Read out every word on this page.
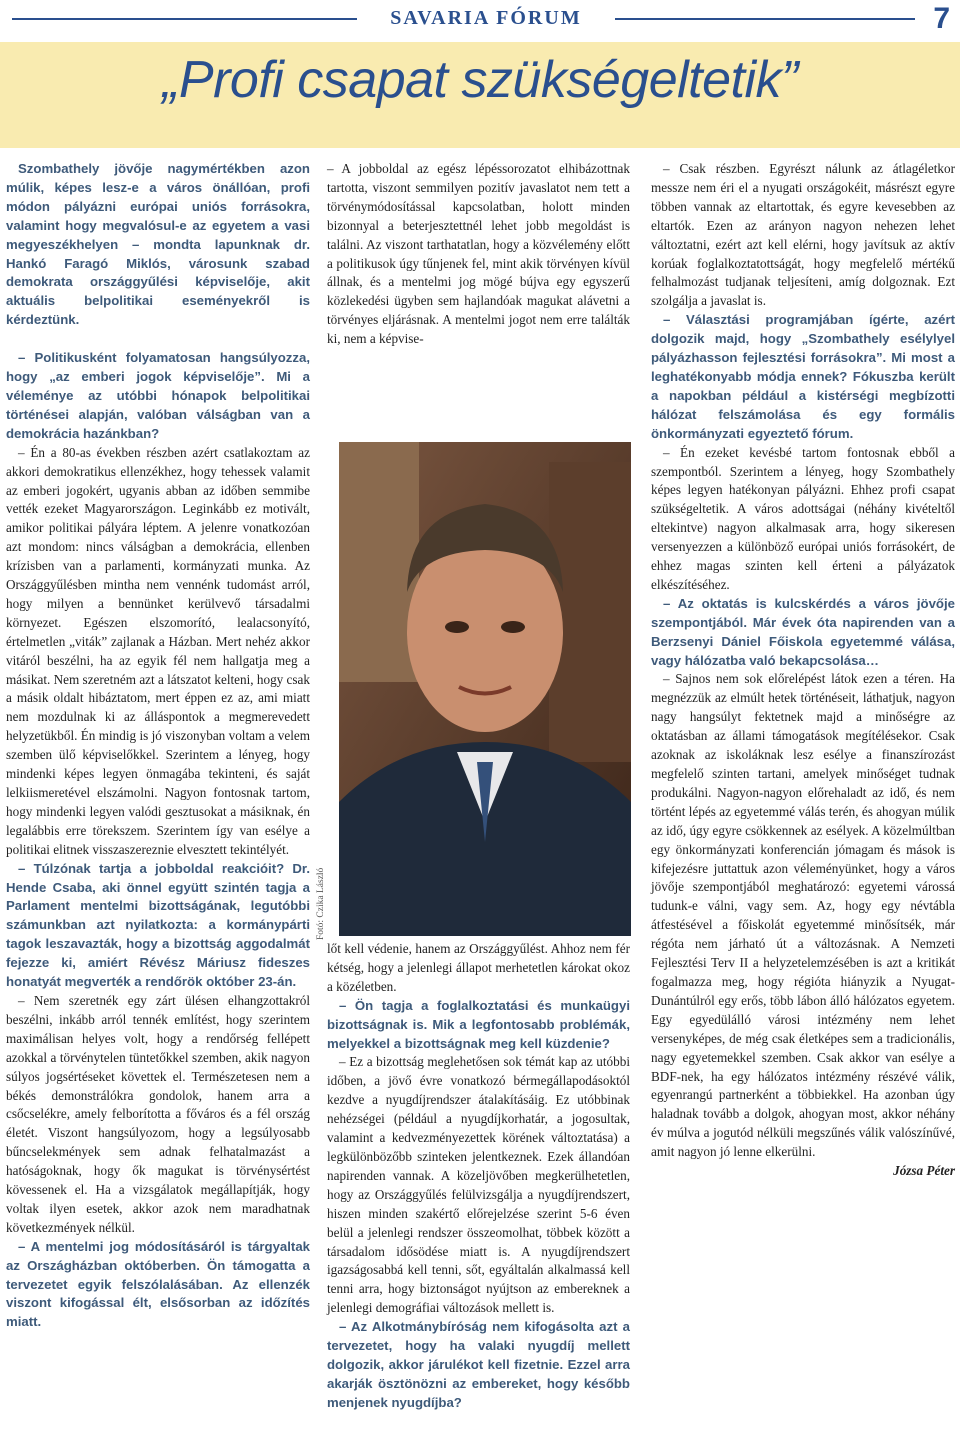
SAVARIA FÓRUM	7
„Profi csapat szükségeltetik”

Szombathely jövője nagymértékben azon múlik, képes lesz-e a város önállóan, profi módon pályázni európai uniós forrásokra, valamint hogy megvalósul-e az egyetem a vasi megyeszékhelyen – mondta lapunknak dr. Hankó Faragó Miklós, városunk szabad demokrata országgyűlési képviselője, akit aktuális belpolitikai eseményekről is kérdeztünk.

– Politikusként folyamatosan hangsúlyozza, hogy „az emberi jogok képviselője”. Mi a véleménye az utóbbi hónapok belpolitikai történései alapján, valóban válságban van a demokrácia hazánkban?

– Én a 80-as években részben azért csatlakoztam az akkori demokratikus ellenzékhez, hogy tehessek valamit az emberi jogokért, ugyanis abban az időben semmibe vették ezeket Magyarországon. Leginkább ez motivált, amikor politikai pályára léptem. A jelenre vonatkozóan azt mondom: nincs válságban a demokrácia, ellenben krízisben van a parlamenti, kormányzati munka. Az Országgyűlésben mintha nem vennénk tudomást arról, hogy milyen a bennünket kerülvevő társadalmi környezet. Egészen elszomorító, lealacsonyító, értelmetlen „viták” zajlanak a Házban. Mert nehéz akkor vitáról beszélni, ha az egyik fél nem hallgatja meg a másikat. Nem szeretném azt a látszatot kelteni, hogy csak a másik oldalt hibáztatom, mert éppen ez az, ami miatt nem mozdulnak ki az álláspontok a megmerevedett helyzetükből. Én mindig is jó viszonyban voltam a velem szemben ülő képviselőkkel. Szerintem a lényeg, hogy mindenki képes legyen önmagába tekinteni, és saját lelkiismeretével elszámolni. Nagyon fontosnak tartom, hogy mindenki legyen valódi gesztusokat a másiknak, én legalábbis erre törekszem. Szerintem így van esélye a politikai elitnek visszaszereznie elvesztett tekintélyét.

– Túlzónak tartja a jobboldal reakcióit? Dr. Hende Csaba, aki önnel együtt szintén tagja a Parlament mentelmi bizottságának, legutóbbi számunkban azt nyilatkozta: a kormánypárti tagok leszavazták, hogy a bizottság aggodalmát fejezze ki, amiért Révész Máriusz fideszes honatyát megverték a rendőrök október 23-án.

– Nem szeretnék egy zárt ülésen elhangzottakról beszélni, inkább arról tennék említést, hogy szerintem maximálisan helyes volt, hogy a rendőrség fellépett azokkal a törvénytelen tüntetőkkel szemben, akik nagyon súlyos jogsértéseket követtek el. Természetesen nem a békés demonstrálókra gondolok, hanem arra a csőcselékre, amely felborította a főváros és a fél ország életét. Viszont hangsúlyozom, hogy a legsúlyosabb bűncselekmények sem adnak felhatalmazást a hatóságoknak, hogy ők magukat is törvénysértést kövessenek el. Ha a vizsgálatok megállapítják, hogy voltak ilyen esetek, akkor azok nem maradhatnak következmények nélkül.

– A mentelmi jog módosításáról is tárgyaltak az Országházban októberben. Ön támogatta a tervezetet egyik felszólalásában. Az ellenzék viszont kifogással élt, elsősorban az időzítés miatt.

– A jobboldal az egész lépéssorozatot elhibázottnak tartotta, viszont semmilyen pozitív javaslatot nem tett a törvénymódosítással kapcsolatban, holott minden bizonnyal a beterjesztettnél lehet jobb megoldást is találni. Az viszont tarthatatlan, hogy a közvélemény előtt a politikusok úgy tűnjenek fel, mint akik törvényen kívül állnak, és a mentelmi jog mögé bújva egy egyszerű közlekedési ügyben sem hajlandóak magukat alávetni a törvényes eljárásnak. A mentelmi jogot nem erre találták ki, nem a képvise-

Fotó: Czika László

lőt kell védenie, hanem az Országgyűlést. Ahhoz nem fér kétség, hogy a jelenlegi állapot merhetetlen károkat okoz a közéletben.

– Ön tagja a foglalkoztatási és munkaügyi bizottságnak is. Mik a legfontosabb problémák, melyekkel a bizottságnak meg kell küzdenie?

– Ez a bizottság meglehetősen sok témát kap az utóbbi időben, a jövő évre vonatkozó bérmegállapodásoktól kezdve a nyugdíjrendszer átalakításáig. Ez utóbbinak nehézségei (például a nyugdíjkorhatár, a jogosultak, valamint a kedvezményezettek körének változtatása) a legkülönbözőbb szinteken jelentkeznek. Ezek állandóan napirenden vannak. A közeljövőben megkerülhetetlen, hogy az Országgyűlés felülvizsgálja a nyugdíjrendszert, hiszen minden szakértő előrejelzése szerint 5-6 éven belül a jelenlegi rendszer összeomolhat, többek között a társadalom idősödése miatt is. A nyugdíjrendszert igazságosabbá kell tenni, sőt, egyáltalán alkalmassá kell tenni arra, hogy biztonságot nyújtson az embereknek a jelenlegi demográfiai változások mellett is.

– Az Alkotmánybíróság nem kifogásolta azt a tervezetet, hogy ha valaki nyugdíj mellett dolgozik, akkor járulékot kell fizetnie. Ezzel arra akarják ösztönözni az embereket, hogy később menjenek nyugdíjba?

– Csak részben. Egyrészt nálunk az átlagéletkor messze nem éri el a nyugati országokéit, másrészt egyre többen vannak az eltartottak, és egyre kevesebben az eltartók. Ezen az arányon nagyon nehezen lehet változtatni, ezért azt kell elérni, hogy javítsuk az aktív korúak foglalkoztatottságát, hogy megfelelő mértékű felhalmozást tudjanak teljesíteni, amíg dolgoznak. Ezt szolgálja a javaslat is.

– Választási programjában ígérte, azért dolgozik majd, hogy „Szombathely esélylyel pályázhasson fejlesztési forrásokra”. Mi most a leghatékonyabb módja ennek? Fókuszba került a napokban például a kistérségi megbízotti hálózat felszámolása és egy formális önkormányzati egyeztető fórum.

– Én ezeket kevésbé tartom fontosnak ebből a szempontból. Szerintem a lényeg, hogy Szombathely képes legyen hatékonyan pályázni. Ehhez profi csapat szükségeltetik. A város adottságai (néhány kivételtől eltekintve) nagyon alkalmasak arra, hogy sikeresen versenyezzen a különböző európai uniós forrásokért, de ehhez magas szinten kell érteni a pályázatok elkészítéséhez.

– Az oktatás is kulcskérdés a város jövője szempontjából. Már évek óta napirenden van a Berzsenyi Dániel Főiskola egyetemmé válása, vagy hálózatba való bekapcsolása…

– Sajnos nem sok előrelépést látok ezen a téren. Ha megnézzük az elmúlt hetek történéseit, láthatjuk, nagyon nagy hangsúlyt fektetnek majd a minőségre az oktatásban az állami támogatások megítélésekor. Csak azoknak az iskoláknak lesz esélye a finanszírozást megfelelő szinten tartani, amelyek minőséget tudnak produkálni. Nagyon-nagyon előrehaladt az idő, és nem történt lépés az egyetemmé válás terén, és ahogyan múlik az idő, úgy egyre csökkennek az esélyek. A közelmúltban egy önkormányzati konferencián jómagam és mások is kifejezésre juttattuk azon véleményünket, hogy a város jövője szempontjából meghatározó: egyetemi várossá tudunk-e válni, vagy sem. Az, hogy egy névtábla átfestésével a főiskolát egyetemmé minősítsék, már régóta nem járható út a változásnak. A Nemzeti Fejlesztési Terv II a helyzetelemzésében is azt a kritikát fogalmazza meg, hogy régióta hiányzik a Nyugat-Dunántúlról egy erős, több lábon álló hálózatos egyetem. Egy egyedülálló városi intézmény nem lehet versenyképes, de még csak életképes sem a tradicionális, nagy egyetemekkel szemben. Csak akkor van esélye a BDF-nek, ha egy hálózatos intézmény részévé válik, egyenrangú partnerként a többiekkel. Ha azonban úgy haladnak tovább a dolgok, ahogyan most, akkor néhány év múlva a jogutód nélküli megszűnés válik valószínűvé, amit nagyon jó lenne elkerülni.

Józsa Péter
